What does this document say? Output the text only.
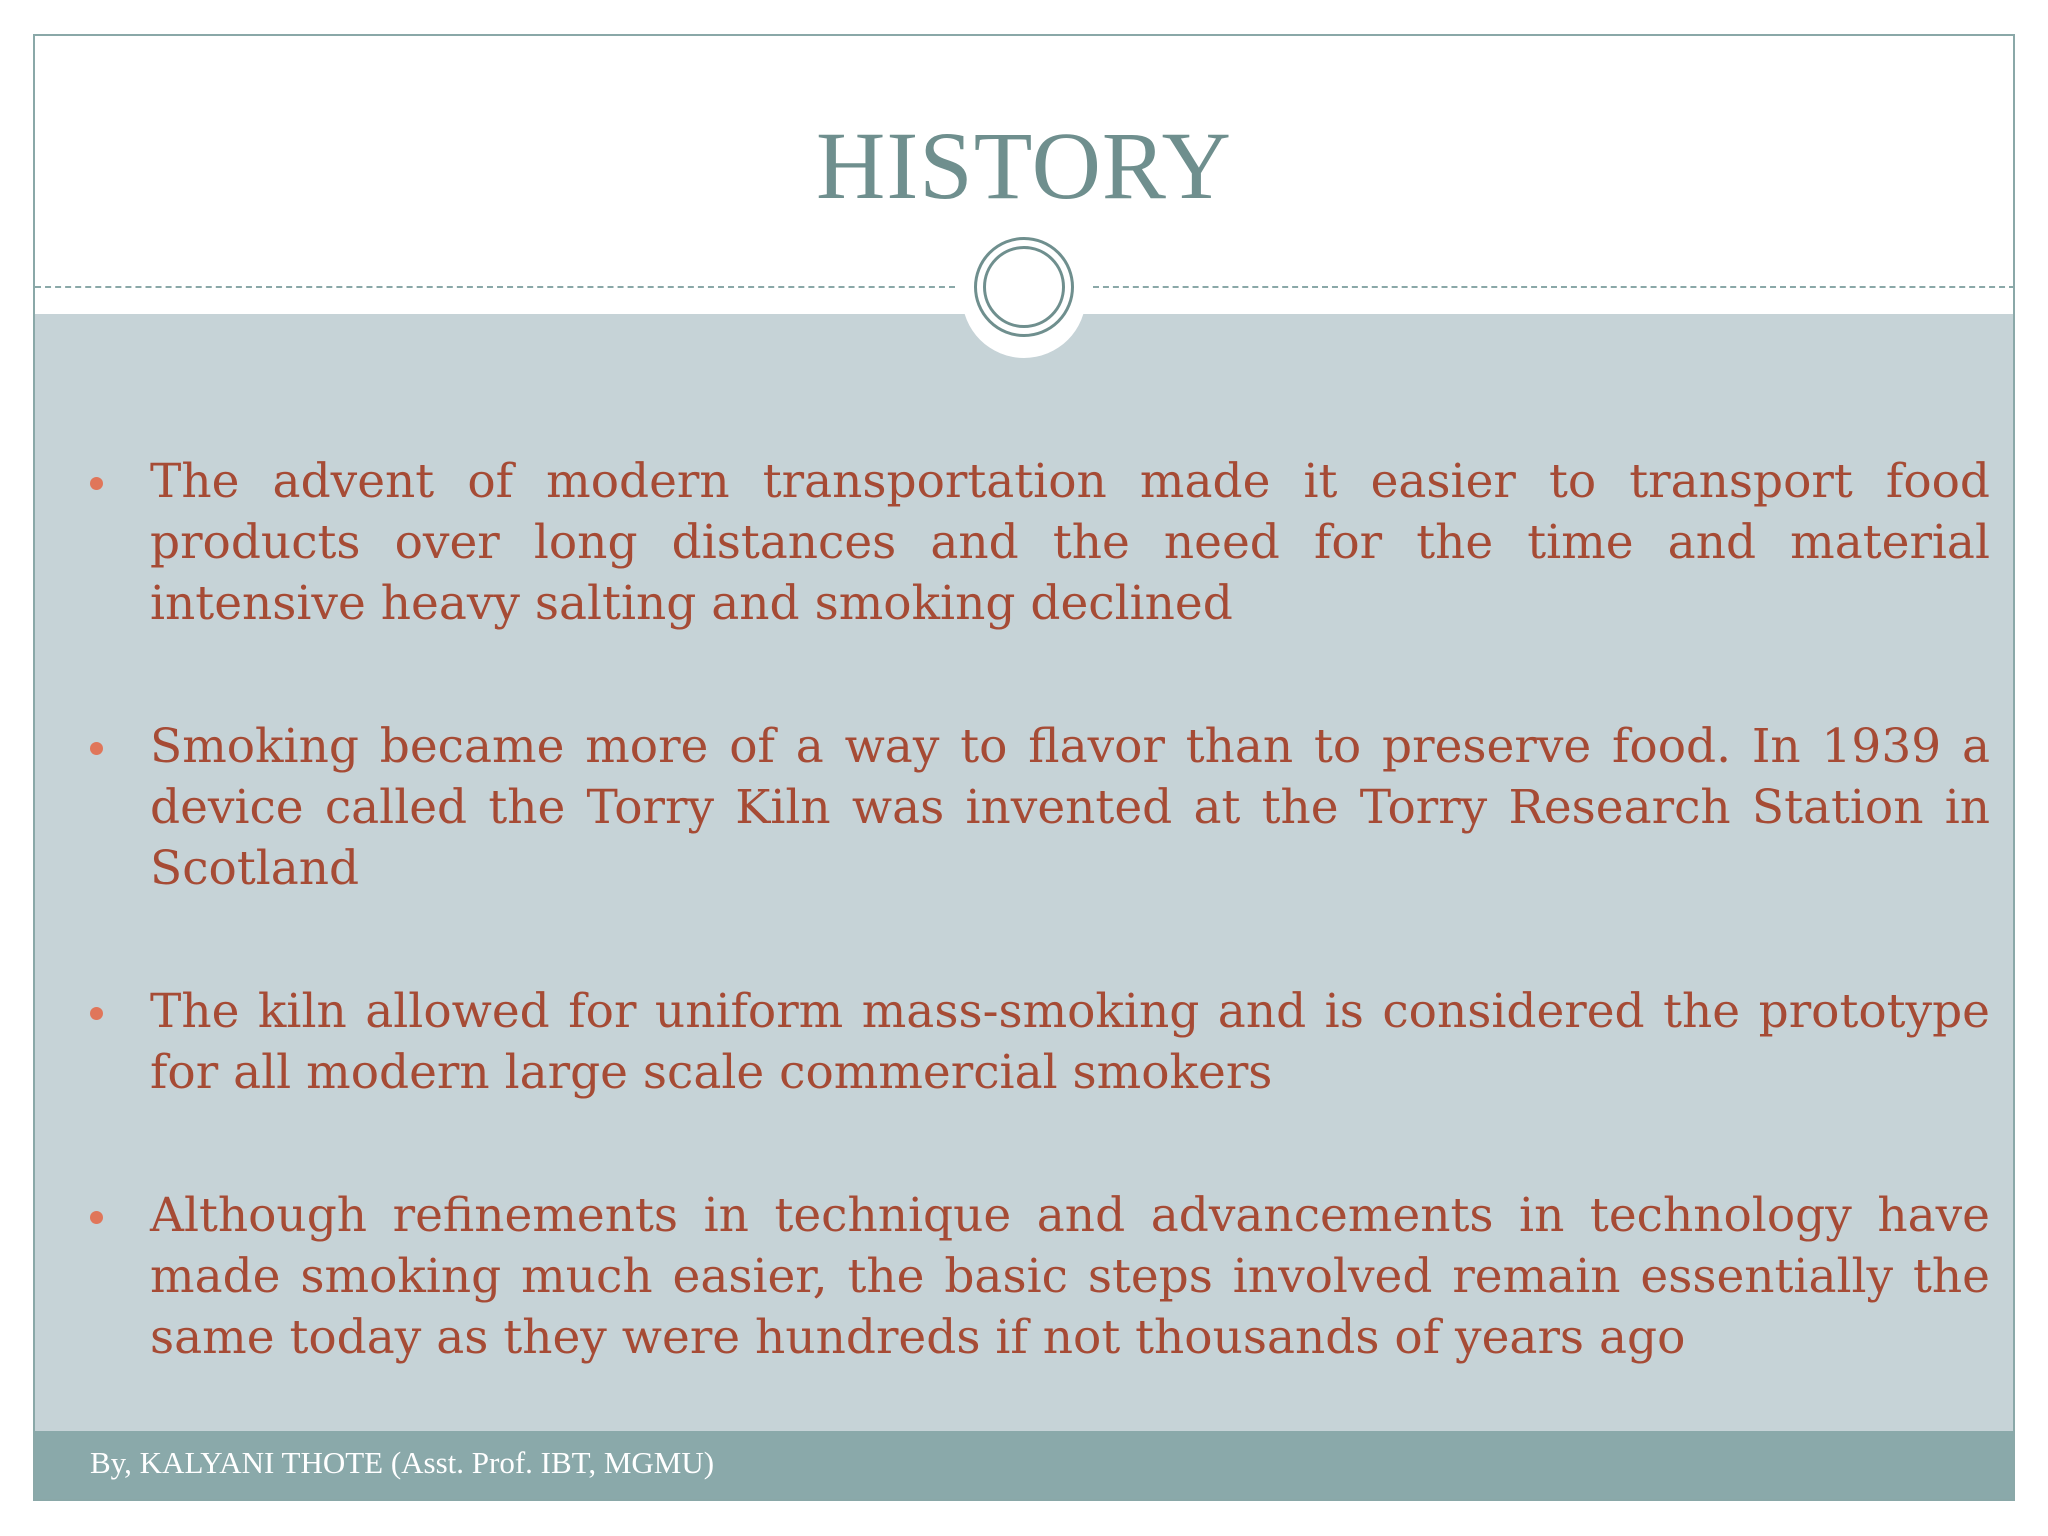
HISTORY
The advent of modern transportation made it easier to transport food products over long distances and the need for the time and material intensive heavy salting and smoking declined
Smoking became more of a way to flavor than to preserve food. In 1939 a device called the Torry Kiln was invented at the Torry Research Station in Scotland
The kiln allowed for uniform mass-smoking and is considered the prototype for all modern large scale commercial smokers
Although refinements in technique and advancements in technology have made smoking much easier, the basic steps involved remain essentially the same today as they were hundreds if not thousands of years ago
By, KALYANI THOTE (Asst. Prof. IBT, MGMU)
